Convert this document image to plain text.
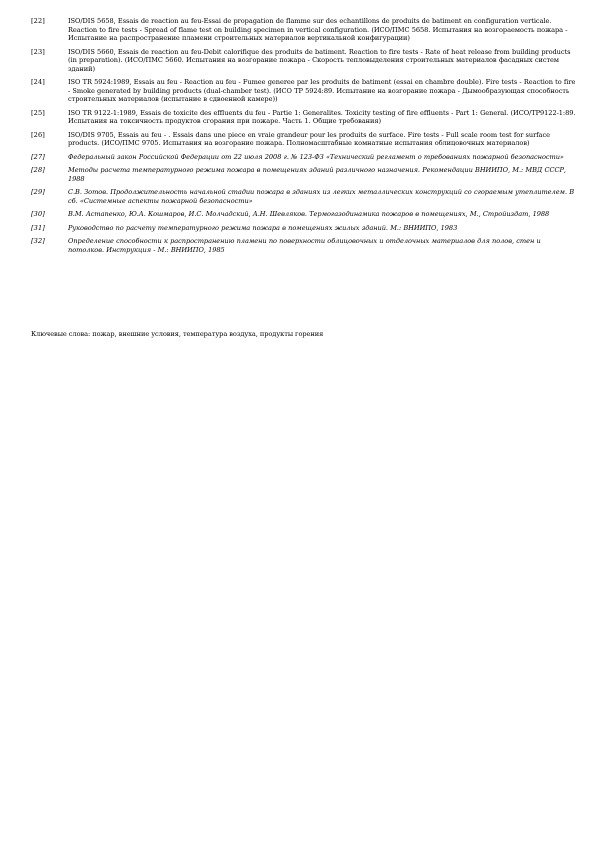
[22]	ISO/DIS 5658, Essais de reaction au feu-Essai de propagation de flamme sur des echantillons de produits de batiment en configuration verticale. Reaction to fire tests - Spread of flame test on building specimen in vertical configuration. (ИСО/ПМС 5658. Испытания на возгораемость пожара - Испытание на распространение пламени строительных материалов вертикальной конфигурации)
[23]	ISO/DIS 5660, Essais de reaction au feu-Debit calorifique des produits de batiment. Reaction to fire tests - Rate of heat release from building products (in preparation). (ИСО/ПМС 5660. Испытания на возгорание пожара - Скорость тепловыделения строительных материалов фасадных систем зданий)
[24]	ISO TR 5924:1989, Essais au feu - Reaction au feu - Fumee generee par les produits de batiment (essai en chambre double). Fire tests - Reaction to fire - Smoke generated by building products (dual-chamber test). (ИСО ТР 5924:89. Испытание на возгорание пожара - Дымообразующая способность строительных материалов (испытание в сдвоенной камере))
[25]	ISO TR 9122-1:1989, Essais de toxicite des effluents du feu - Partie 1: Generalites. Toxicity testing of fire effluents - Part 1: General. (ИСО/ТР9122-1:89. Испытания на токсичность продуктов сгорания при пожаре. Часть 1. Общие требования)
[26]	ISO/DIS 9705, Essais au feu - . Essais dans une piece en vraie grandeur pour les produits de surface. Fire tests - Full scale room test for surface products. (ИСО/ПМС 9705. Испытания на возгорание пожара. Полномасштабные комнатные испытания облицовочных материалов)
[27]	Федеральный закон Российской Федерации от 22 июля 2008 г. № 123-ФЗ «Технический регламент о требованиях пожарной безопасности»
[28]	Методы расчета температурного режима пожара в помещениях зданий различного назначения. Рекомендации ВНИИПО, М.: МВД СССР, 1988
[29]	С.В. Зотов. Продолжительность начальной стадии пожара в зданиях из легких металлических конструкций со сгораемым утеплителем. В сб. «Системные аспекты пожарной безопасности»
[30]	В.М. Астапенко, Ю.А. Кошмаров, И.С. Молчадский, А.Н. Шевляков. Термогазодинамика пожаров в помещениях, М., Стройиздат, 1988
[31]	Руководство по расчету температурного режима пожара в помещениях жилых зданий. М.: ВНИИПО, 1983
[32]	Определение способности к распространению пламени по поверхности облицовочных и отделочных материалов для полов, стен и потолков. Инструкция - М.: ВНИИПО, 1985
Ключевые слова: пожар, внешние условия, температура воздуха, продукты горения
